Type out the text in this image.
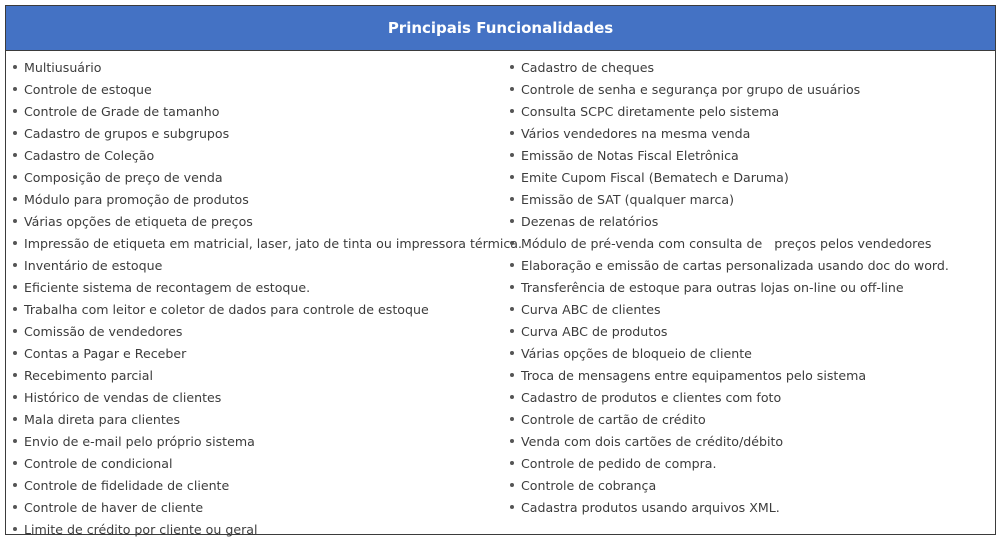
Principais Funcionalidades
Multiusuário
Controle de estoque
Controle de Grade de tamanho
Cadastro de grupos e subgrupos
Cadastro de Coleção
Composição de preço de venda
Módulo para promoção de produtos
Várias opções de etiqueta de preços
Impressão de etiqueta em matricial, laser, jato de tinta ou impressora térmica.
Inventário de estoque
Eficiente sistema de recontagem de estoque.
Trabalha com leitor e coletor de dados para controle de estoque
Comissão de vendedores
Contas a Pagar e Receber
Recebimento parcial
Histórico de vendas de clientes
Mala direta para clientes
Envio de e-mail pelo próprio sistema
Controle de condicional
Controle de fidelidade de cliente
Controle de haver de cliente
Limite de crédito por cliente ou geral
Cadastro de cheques
Controle de senha e segurança por grupo de usuários
Consulta SCPC diretamente pelo sistema
Vários vendedores na mesma venda
Emissão de Notas Fiscal Eletrônica
Emite Cupom Fiscal (Bematech e Daruma)
Emissão de SAT (qualquer marca)
Dezenas de relatórios
Módulo de pré-venda com consulta de   preços pelos vendedores
Elaboração e emissão de cartas personalizada usando doc do word.
Transferência de estoque para outras lojas on-line ou off-line
Curva ABC de clientes
Curva ABC de produtos
Várias opções de bloqueio de cliente
Troca de mensagens entre equipamentos pelo sistema
Cadastro de produtos e clientes com foto
Controle de cartão de crédito
Venda com dois cartões de crédito/débito
Controle de pedido de compra.
Controle de cobrança
Cadastra produtos usando arquivos XML.
